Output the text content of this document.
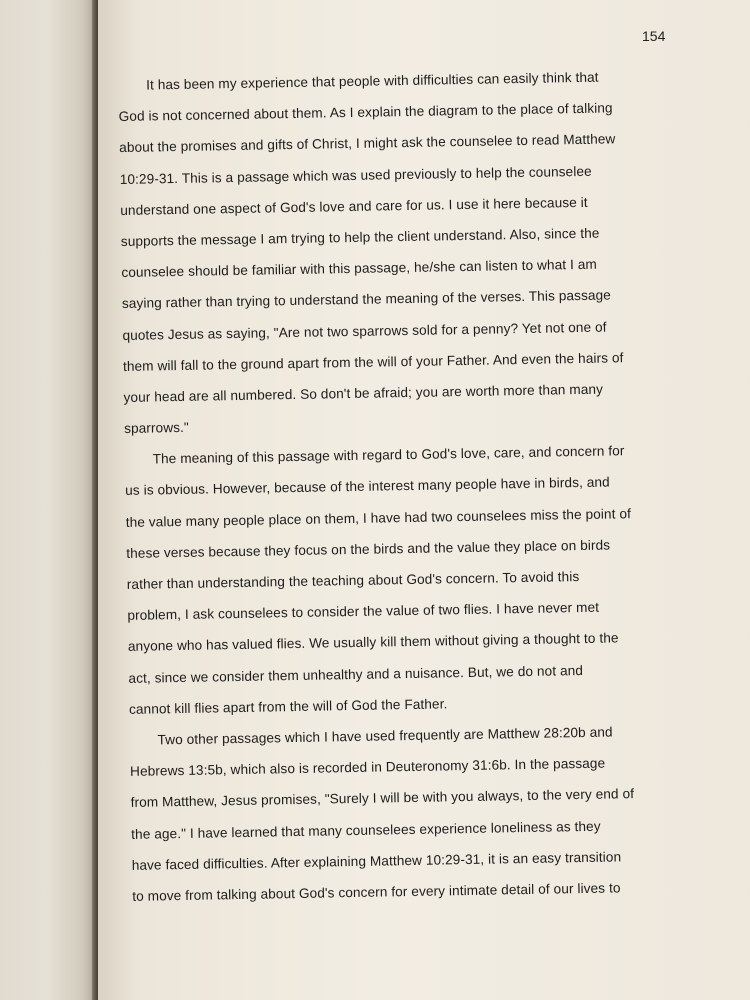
154
It has been my experience that people with difficulties can easily think that
God is not concerned about them. As I explain the diagram to the place of talking
about the promises and gifts of Christ, I might ask the counselee to read Matthew
10:29-31. This is a passage which was used previously to help the counselee
understand one aspect of God's love and care for us. I use it here because it
supports the message I am trying to help the client understand. Also, since the
counselee should be familiar with this passage, he/she can listen to what I am
saying rather than trying to understand the meaning of the verses. This passage
quotes Jesus as saying, "Are not two sparrows sold for a penny? Yet not one of
them will fall to the ground apart from the will of your Father. And even the hairs of
your head are all numbered. So don't be afraid; you are worth more than many
sparrows."
The meaning of this passage with regard to God's love, care, and concern for
us is obvious. However, because of the interest many people have in birds, and
the value many people place on them, I have had two counselees miss the point of
these verses because they focus on the birds and the value they place on birds
rather than understanding the teaching about God's concern. To avoid this
problem, I ask counselees to consider the value of two flies. I have never met
anyone who has valued flies. We usually kill them without giving a thought to the
act, since we consider them unhealthy and a nuisance. But, we do not and
cannot kill flies apart from the will of God the Father.
Two other passages which I have used frequently are Matthew 28:20b and
Hebrews 13:5b, which also is recorded in Deuteronomy 31:6b. In the passage
from Matthew, Jesus promises, "Surely I will be with you always, to the very end of
the age." I have learned that many counselees experience loneliness as they
have faced difficulties. After explaining Matthew 10:29-31, it is an easy transition
to move from talking about God's concern for every intimate detail of our lives to
